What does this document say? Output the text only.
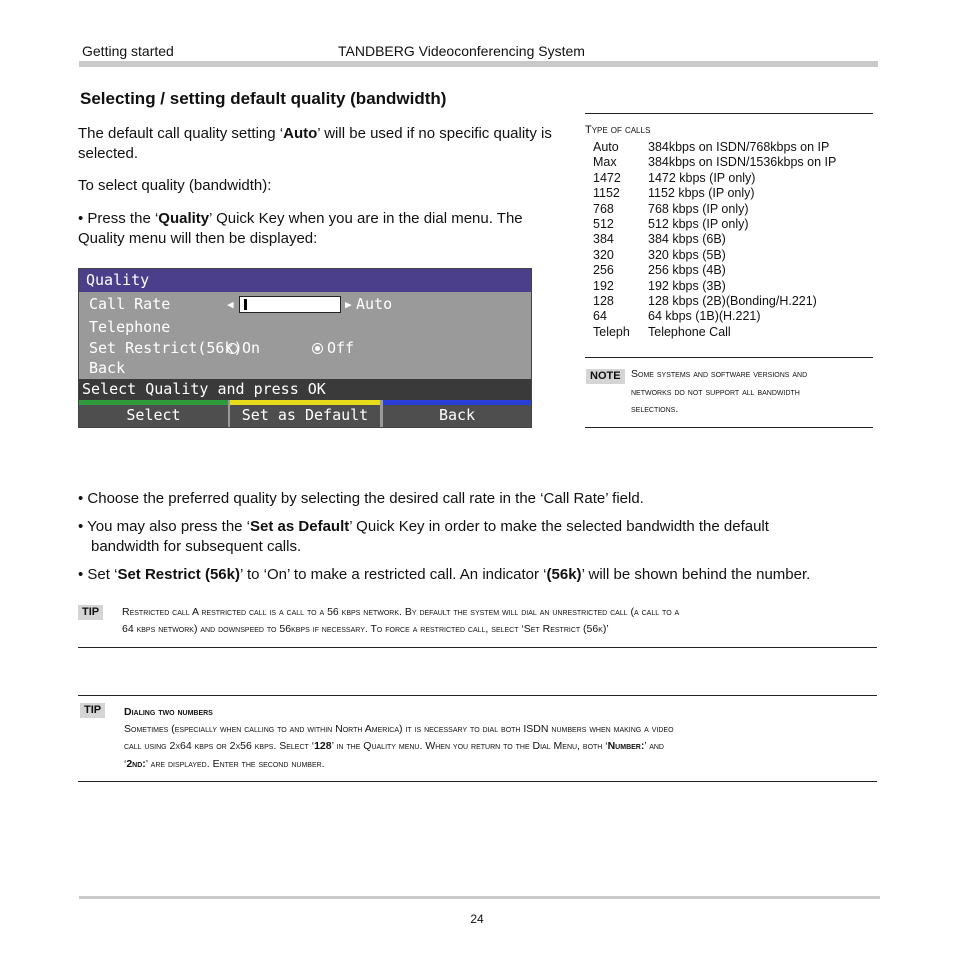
Getting started	TANDBERG Videoconferencing System
Selecting / setting default quality (bandwidth)

The default call quality setting ‘Auto’ will be used if no specific quality is selected.

To select quality (bandwidth):

• Press the ‘Quality’ Quick Key when you are in the dial menu. The Quality menu will then be displayed:

Quality
Call Rate	◀	▶ Auto
Telephone
Set Restrict(56k) On	Off
Back
Select Quality and press OK
Select	Set as Default	Back
Type of calls
Auto	384kbps on ISDN/768kbps on IP
Max	384kbps on ISDN/1536kbps on IP
1472	1472 kbps (IP only)
1152	1152 kbps (IP only)
768	768 kbps (IP only)
512	512 kbps (IP only)
384	384 kbps (6B)
320	320 kbps (5B)
256	256 kbps (4B)
192	192 kbps (3B)
128	128 kbps (2B)(Bonding/H.221)
64	64 kbps (1B)(H.221)
Teleph	Telephone Call
NOTE Some systems and software versions and
networks do not support all bandwidth
selections.

• Choose the preferred quality by selecting the desired call rate in the ‘Call Rate’ field.

• You may also press the ‘Set as Default’ Quick Key in order to make the selected bandwidth the default

bandwidth for subsequent calls.

• Set ‘Set Restrict (56k)’ to ‘On’ to make a restricted call. An indicator ‘(56k)’ will be shown behind the number.

TIP	Restricted call A restricted call is a call to a 56 kbps network. By default the system will dial an unrestricted call (a call to a
64 kbps network) and downspeed to 56kbps if necessary. To force a restricted call, select ‘Set Restrict (56k)’
TIP	Dialing two numbers
Sometimes (especially when calling to and within North America) it is necessary to dial both ISDN numbers when making a video
call using 2x64 kbps or 2x56 kbps. Select ‘128’ in the Quality menu. When you return to the Dial Menu, both ‘Number:’ and
‘2nd:’ are displayed. Enter the second number.
24
